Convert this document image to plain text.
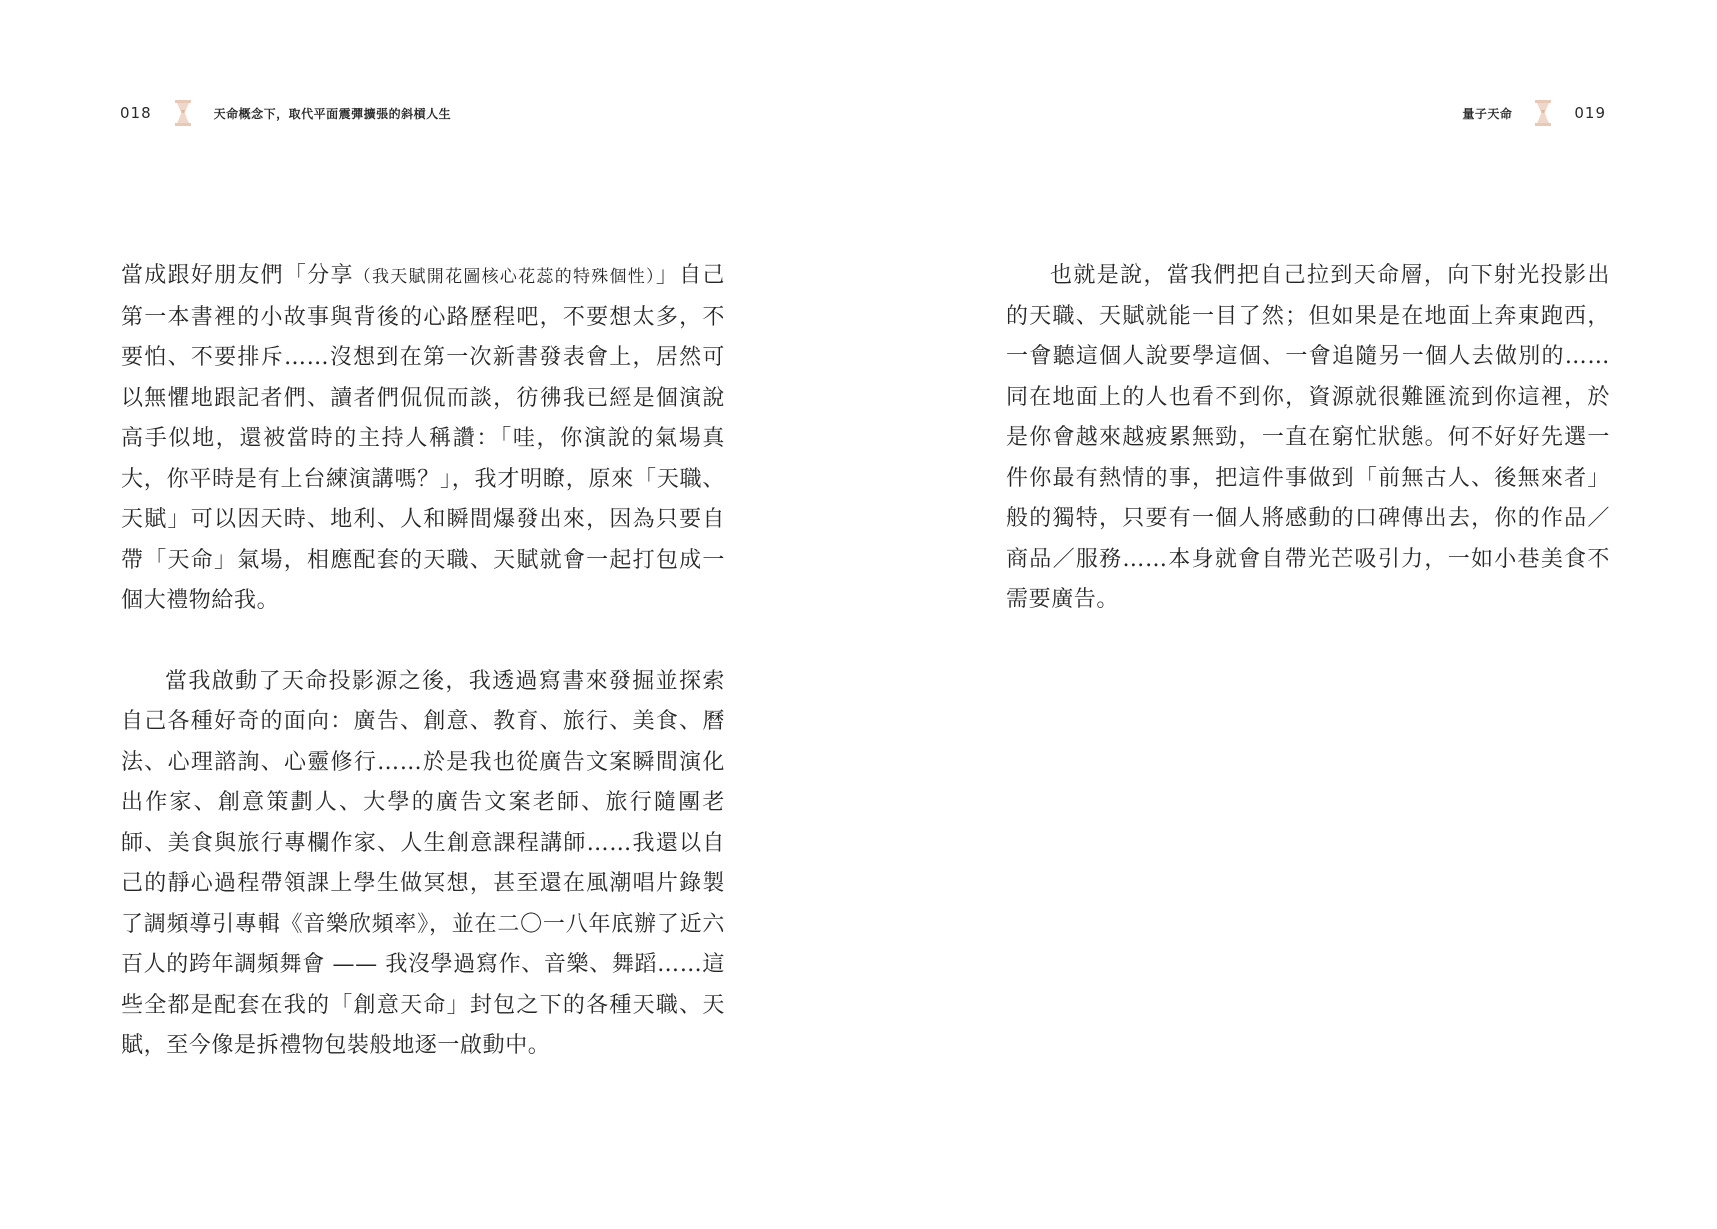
018	天命概念下，取代平面震彈擴張的斜槓人生

當成跟好朋友們「分享（我天賦開花圖核心花蕊的特殊個性）」自己第一本書裡的小故事與背後的心路歷程吧，不要想太多，不要怕、不要排斥……沒想到在第一次新書發表會上，居然可以無懼地跟記者們、讀者們侃侃而談，彷彿我已經是個演說高手似地，還被當時的主持人稱讚：「哇，你演說的氣場真大，你平時是有上台練演講嗎？」，我才明瞭，原來「天職、天賦」可以因天時、地利、人和瞬間爆發出來，因為只要自帶「天命」氣場，相應配套的天職、天賦就會一起打包成一個大禮物給我。

當我啟動了天命投影源之後，我透過寫書來發掘並探索自己各種好奇的面向：廣告、創意、教育、旅行、美食、曆法、心理諮詢、心靈修行……於是我也從廣告文案瞬間演化出作家、創意策劃人、大學的廣告文案老師、旅行隨團老師、美食與旅行專欄作家、人生創意課程講師……我還以自己的靜心過程帶領課上學生做冥想，甚至還在風潮唱片錄製了調頻導引專輯《音樂欣頻率》，並在二〇一八年底辦了近六百人的跨年調頻舞會 —— 我沒學過寫作、音樂、舞蹈……這些全都是配套在我的「創意天命」封包之下的各種天職、天賦，至今像是拆禮物包裝般地逐一啟動中。

量子天命	019

也就是說，當我們把自己拉到天命層，向下射光投影出的天職、天賦就能一目了然；但如果是在地面上奔東跑西，一會聽這個人說要學這個、一會追隨另一個人去做別的……同在地面上的人也看不到你，資源就很難匯流到你這裡，於是你會越來越疲累無勁，一直在窮忙狀態。何不好好先選一件你最有熱情的事，把這件事做到「前無古人、後無來者」般的獨特，只要有一個人將感動的口碑傳出去，你的作品／商品／服務……本身就會自帶光芒吸引力，一如小巷美食不需要廣告。
